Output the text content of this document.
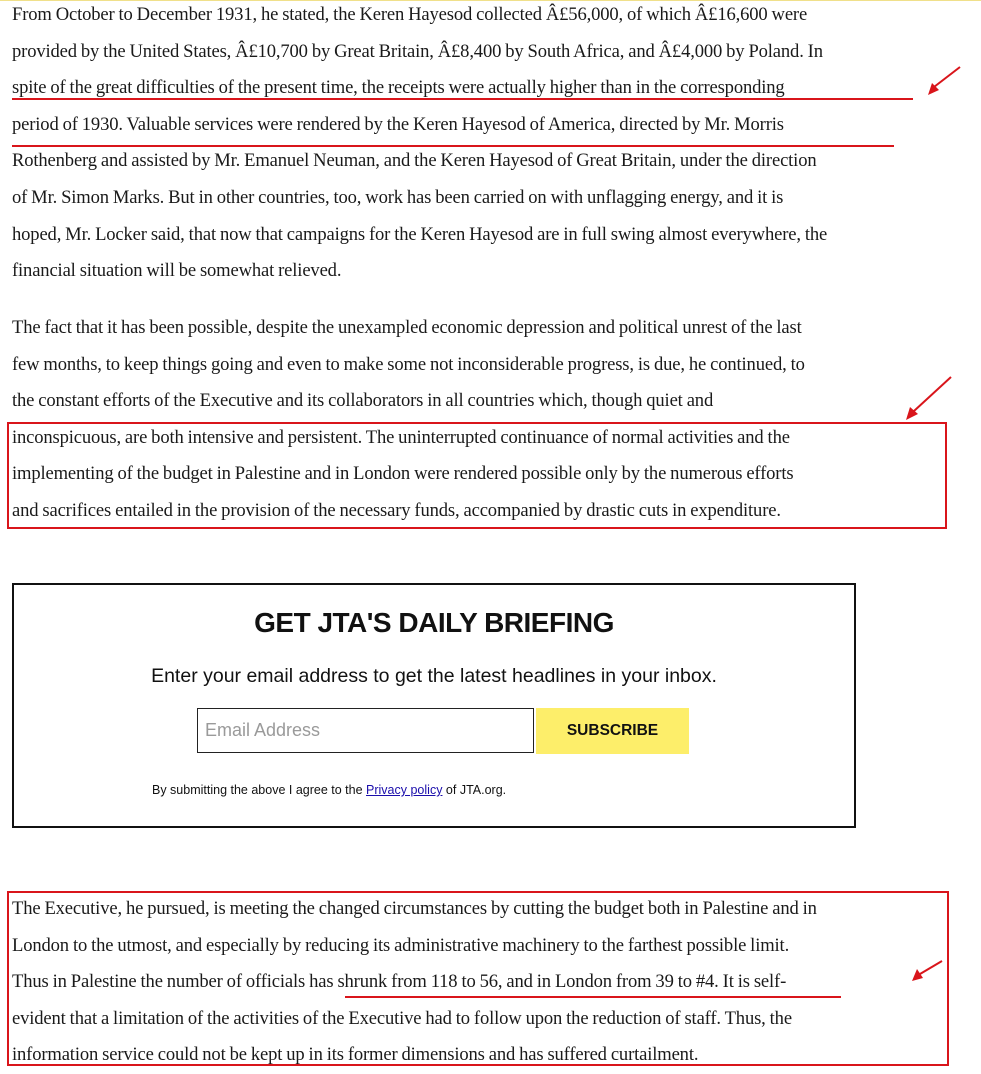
From October to December 1931, he stated, the Keren Hayesod collected Â£56,000, of which Â£16,600 were
provided by the United States, Â£10,700 by Great Britain, Â£8,400 by South Africa, and Â£4,000 by Poland. In
spite of the great difficulties of the present time, the receipts were actually higher than in the corresponding
period of 1930. Valuable services were rendered by the Keren Hayesod of America, directed by Mr. Morris
Rothenberg and assisted by Mr. Emanuel Neuman, and the Keren Hayesod of Great Britain, under the direction
of Mr. Simon Marks. But in other countries, too, work has been carried on with unflagging energy, and it is
hoped, Mr. Locker said, that now that campaigns for the Keren Hayesod are in full swing almost everywhere, the
financial situation will be somewhat relieved.

The fact that it has been possible, despite the unexampled economic depression and political unrest of the last
few months, to keep things going and even to make some not inconsiderable progress, is due, he continued, to
the constant efforts of the Executive and its collaborators in all countries which, though quiet and
inconspicuous, are both intensive and persistent. The uninterrupted continuance of normal activities and the
implementing of the budget in Palestine and in London were rendered possible only by the numerous efforts
and sacrifices entailed in the provision of the necessary funds, accompanied by drastic cuts in expenditure.

GET JTA'S DAILY BRIEFING
Enter your email address to get the latest headlines in your inbox.
Email Address
SUBSCRIBE
By submitting the above I agree to the Privacy policy of JTA.org.

The Executive, he pursued, is meeting the changed circumstances by cutting the budget both in Palestine and in
London to the utmost, and especially by reducing its administrative machinery to the farthest possible limit.
Thus in Palestine the number of officials has shrunk from 118 to 56, and in London from 39 to #4. It is self-
evident that a limitation of the activities of the Executive had to follow upon the reduction of staff. Thus, the
information service could not be kept up in its former dimensions and has suffered curtailment.
